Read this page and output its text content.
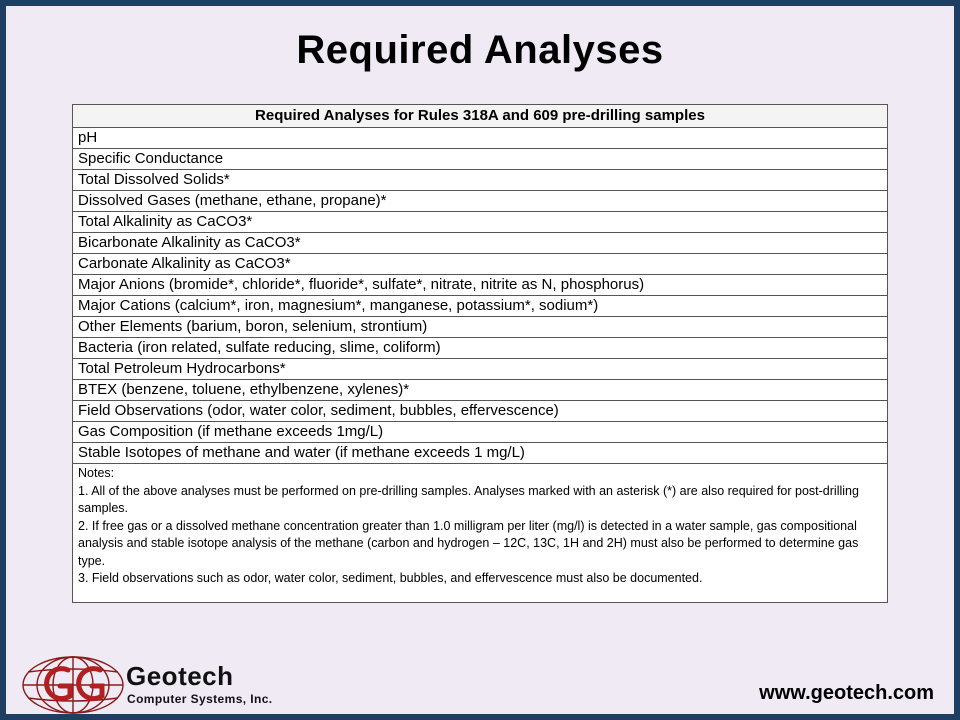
Required Analyses
Required Analyses for Rules 318A and 609 pre-drilling samples
pH
Specific Conductance
Total Dissolved Solids*
Dissolved Gases (methane, ethane, propane)*
Total Alkalinity as CaCO3*
Bicarbonate Alkalinity as CaCO3*
Carbonate Alkalinity as CaCO3*
Major Anions (bromide*, chloride*, fluoride*, sulfate*, nitrate, nitrite as N, phosphorus)
Major Cations (calcium*, iron, magnesium*, manganese, potassium*, sodium*)
Other Elements (barium, boron, selenium, strontium)
Bacteria (iron related, sulfate reducing, slime, coliform)
Total Petroleum Hydrocarbons*
BTEX (benzene, toluene, ethylbenzene, xylenes)*
Field Observations (odor, water color, sediment, bubbles, effervescence)
Gas Composition (if methane exceeds 1mg/L)
Stable Isotopes of methane and water (if methane exceeds 1 mg/L)

Notes:
1. All of the above analyses must be performed on pre-drilling samples. Analyses marked with an asterisk (*) are also required for post-drilling samples.
2. If free gas or a dissolved methane concentration greater than 1.0 milligram per liter (mg/l) is detected in a water sample, gas compositional analysis and stable isotope analysis of the methane (carbon and hydrogen – 12C, 13C, 1H and 2H) must also be performed to determine gas type.
3. Field observations such as odor, water color, sediment, bubbles, and effervescence must also be documented.
Geotech
Computer Systems, Inc.	www.geotech.com
